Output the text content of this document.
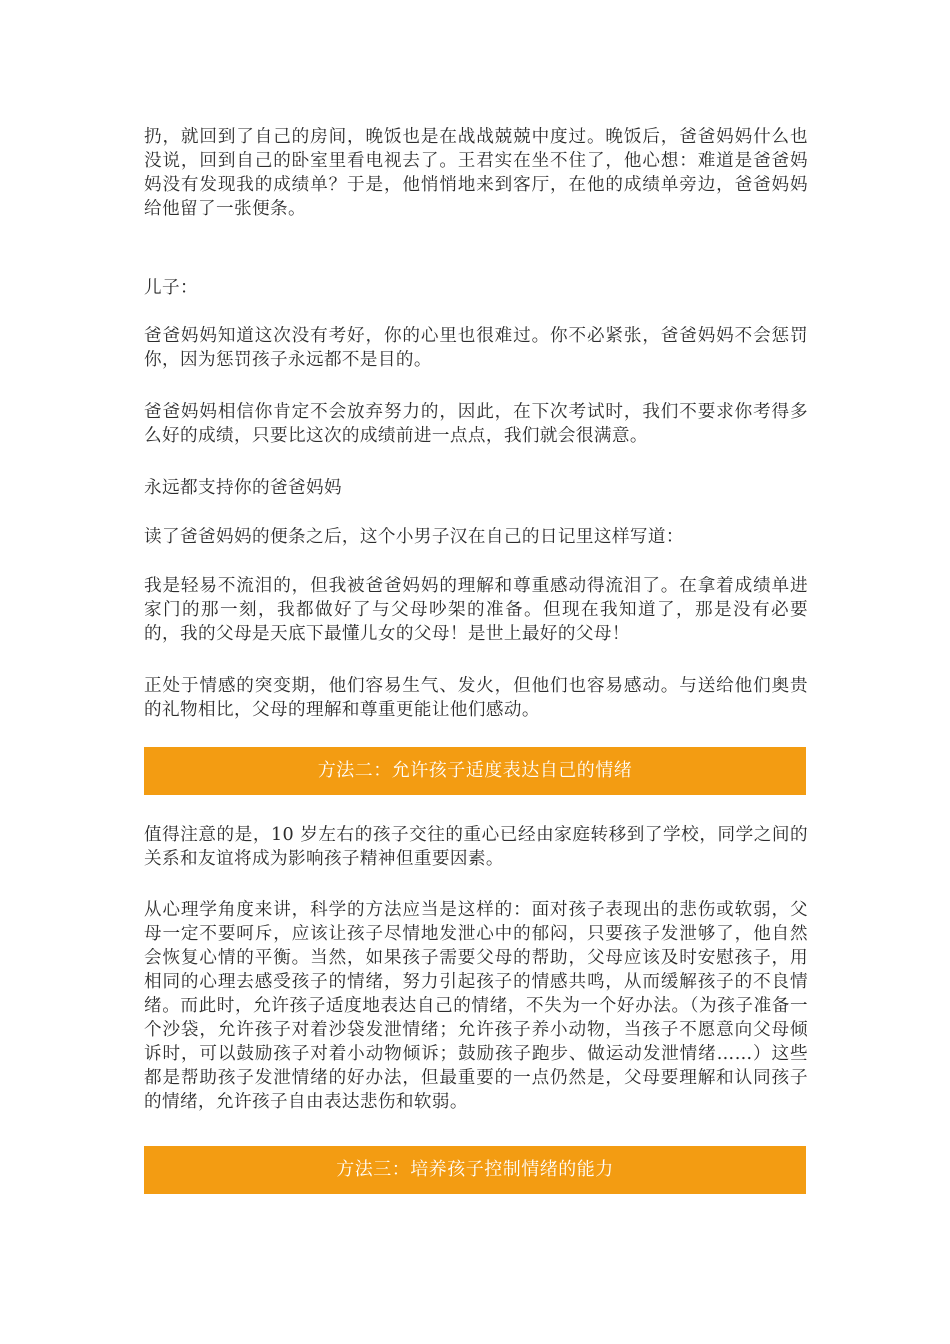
扔，就回到了自己的房间，晚饭也是在战战兢兢中度过。晚饭后，爸爸妈妈什么也没说，回到自己的卧室里看电视去了。王君实在坐不住了，他心想：难道是爸爸妈妈没有发现我的成绩单？于是，他悄悄地来到客厅，在他的成绩单旁边，爸爸妈妈给他留了一张便条。

儿子：

爸爸妈妈知道这次没有考好，你的心里也很难过。你不必紧张，爸爸妈妈不会惩罚你，因为惩罚孩子永远都不是目的。

爸爸妈妈相信你肯定不会放弃努力的，因此，在下次考试时，我们不要求你考得多么好的成绩，只要比这次的成绩前进一点点，我们就会很满意。

永远都支持你的爸爸妈妈

读了爸爸妈妈的便条之后，这个小男子汉在自己的日记里这样写道：

我是轻易不流泪的，但我被爸爸妈妈的理解和尊重感动得流泪了。在拿着成绩单进家门的那一刻，我都做好了与父母吵架的准备。但现在我知道了，那是没有必要的，我的父母是天底下最懂儿女的父母！是世上最好的父母！

正处于情感的突变期，他们容易生气、发火，但他们也容易感动。与送给他们奥贵的礼物相比，父母的理解和尊重更能让他们感动。

方法二：允许孩子适度表达自己的情绪

值得注意的是，10 岁左右的孩子交往的重心已经由家庭转移到了学校，同学之间的关系和友谊将成为影响孩子精神但重要因素。

从心理学角度来讲，科学的方法应当是这样的：面对孩子表现出的悲伤或软弱，父母一定不要呵斥，应该让孩子尽情地发泄心中的郁闷，只要孩子发泄够了，他自然会恢复心情的平衡。当然，如果孩子需要父母的帮助，父母应该及时安慰孩子，用相同的心理去感受孩子的情绪，努力引起孩子的情感共鸣，从而缓解孩子的不良情绪。而此时，允许孩子适度地表达自己的情绪，不失为一个好办法。（为孩子准备一个沙袋，允许孩子对着沙袋发泄情绪；允许孩子养小动物，当孩子不愿意向父母倾诉时，可以鼓励孩子对着小动物倾诉；鼓励孩子跑步、做运动发泄情绪……）这些都是帮助孩子发泄情绪的好办法，但最重要的一点仍然是，父母要理解和认同孩子的情绪，允许孩子自由表达悲伤和软弱。

方法三：培养孩子控制情绪的能力
